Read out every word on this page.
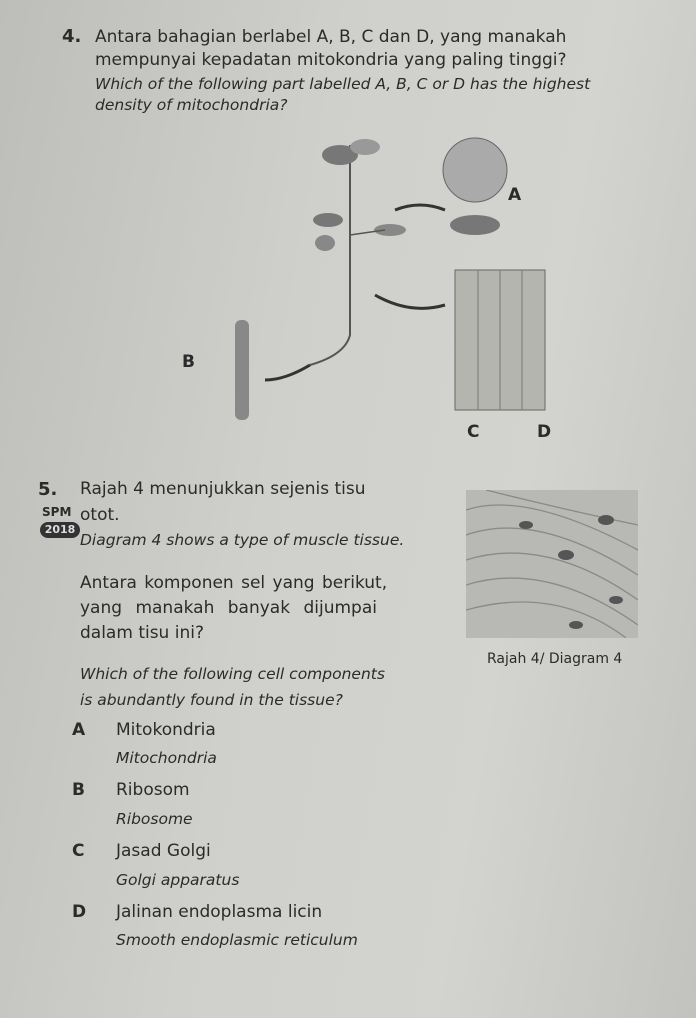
4. Antara bahagian berlabel A, B, C dan D, yang manakah
mempunyai kepadatan mitokondria yang paling tinggi?
Which of the following part labelled A, B, C or D has the highest
density of mitochondria?
A
B
C	D
5. Rajah 4 menunjukkan sejenis tisu
SPM
2018
otot.
Diagram 4 shows a type of muscle tissue.
Antara komponen sel yang berikut,
yang manakah banyak dijumpai
dalam tisu ini?
Which of the following cell components
is abundantly found in the tissue?
Rajah 4/ Diagram 4
A Mitokondria
Mitochondria
B Ribosom
Ribosome
C Jasad Golgi
Golgi apparatus
D Jalinan endoplasma licin
Smooth endoplasmic reticulum
